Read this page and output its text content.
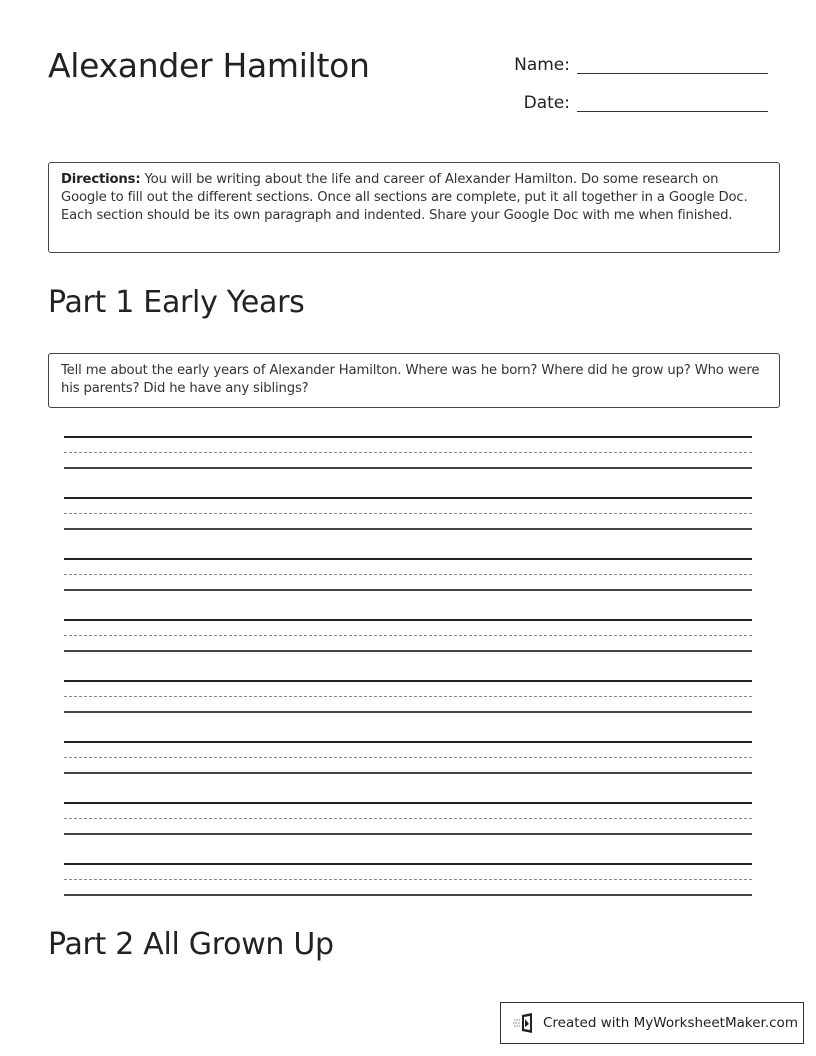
Alexander Hamilton	Name:
Date:
Directions: You will be writing about the life and career of Alexander Hamilton. Do some research on Google to fill out the different sections. Once all sections are complete, put it all together in a Google Doc. Each section should be its own paragraph and indented. Share your Google Doc with me when finished.
Part 1 Early Years
Tell me about the early years of Alexander Hamilton. Where was he born? Where did he grow up? Who were his parents? Did he have any siblings?
Part 2 All Grown Up
Created with MyWorksheetMaker.com
